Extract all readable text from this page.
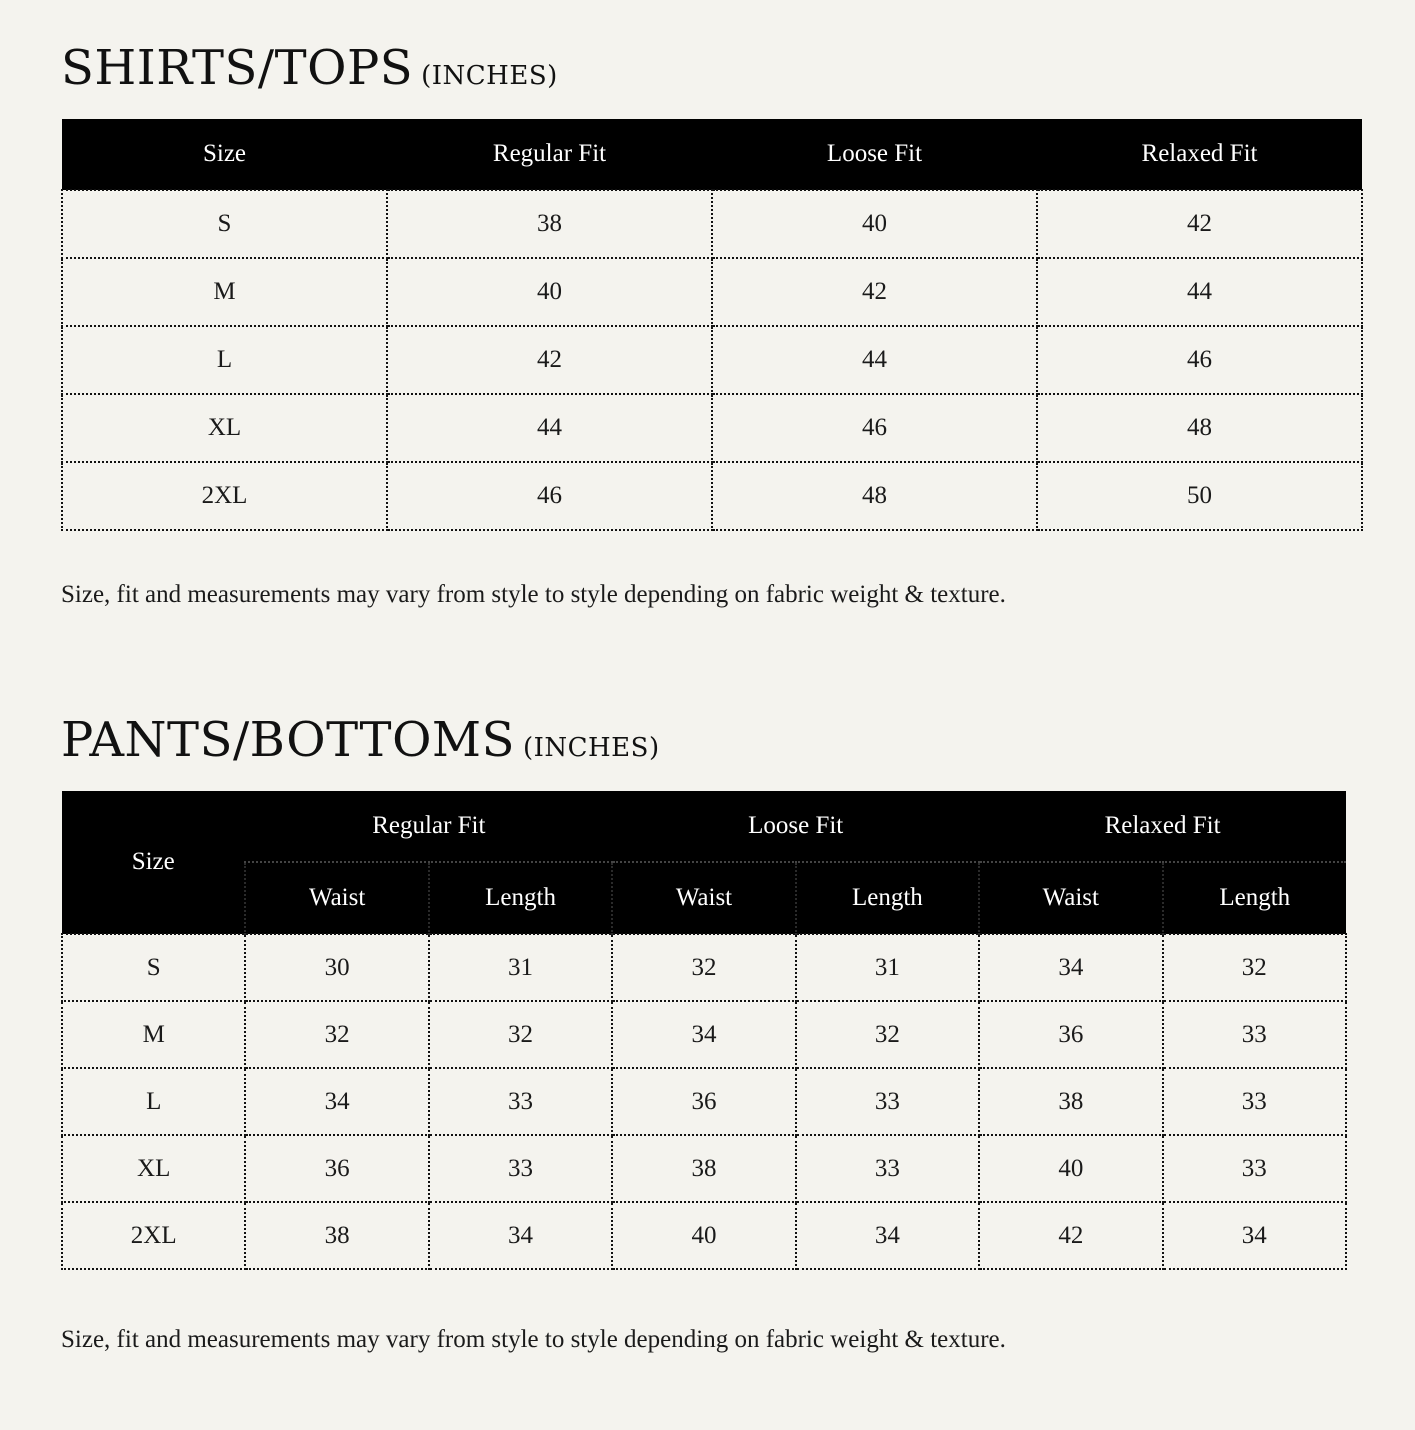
SHIRTS/TOPS (INCHES)
Size	Regular Fit	Loose Fit	Relaxed Fit
S	38	40	42
M	40	42	44
L	42	44	46
XL	44	46	48
2XL	46	48	50

Size, fit and measurements may vary from style to style depending on fabric weight & texture.

PANTS/BOTTOMS (INCHES)
Size	Regular Fit		Loose Fit		Relaxed Fit	
	Waist	Length	Waist	Length	Waist	Length
S	30	31	32	31	34	32
M	32	32	34	32	36	33
L	34	33	36	33	38	33
XL	36	33	38	33	40	33
2XL	38	34	40	34	42	34

Size, fit and measurements may vary from style to style depending on fabric weight & texture.
